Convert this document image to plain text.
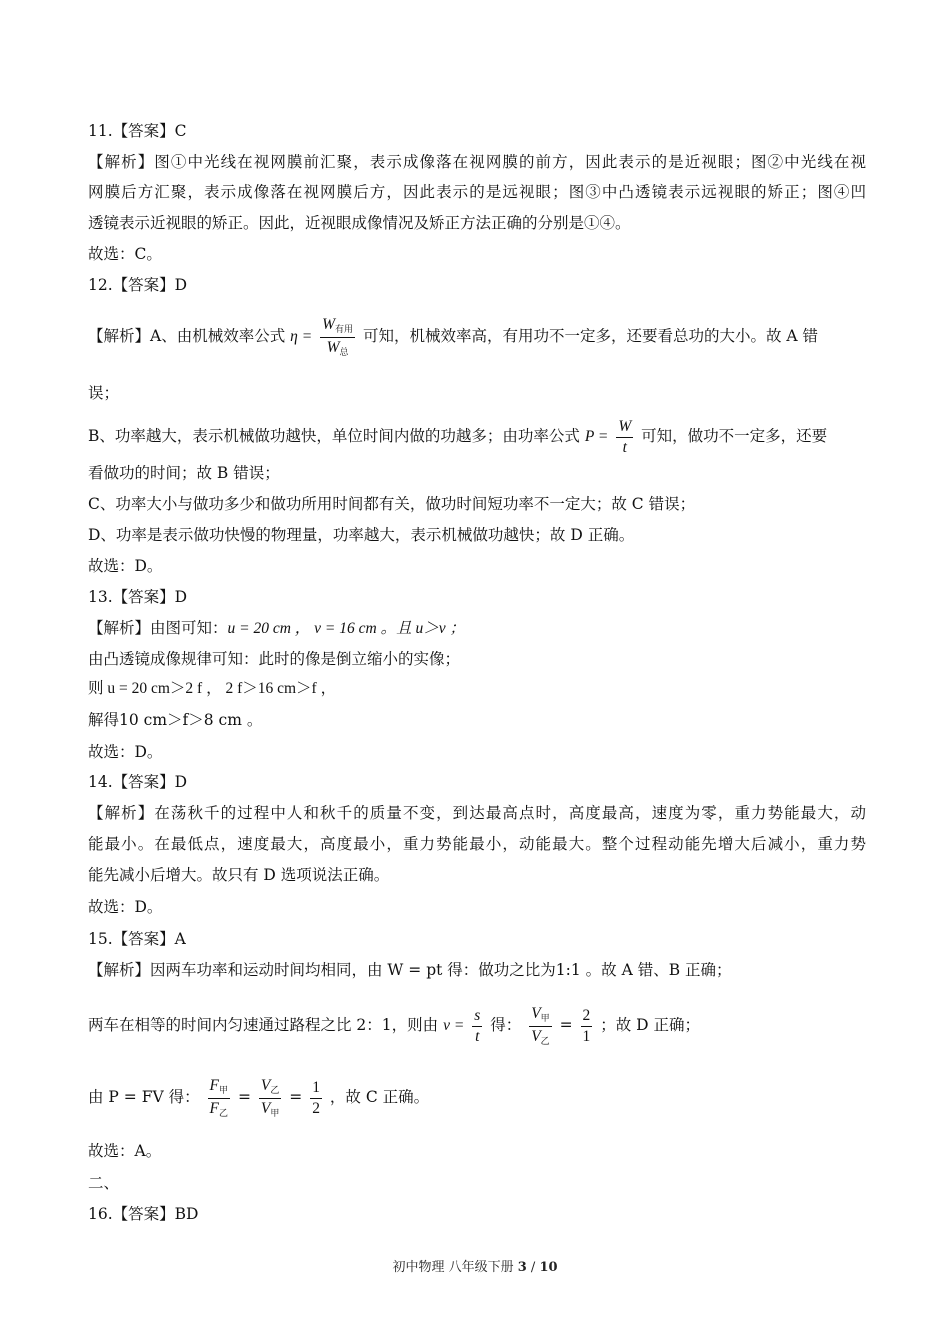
11.【答案】C
【解析】图①中光线在视网膜前汇聚，表示成像落在视网膜的前方，因此表示的是近视眼；图②中光线在视
网膜后方汇聚，表示成像落在视网膜后方，因此表示的是远视眼；图③中凸透镜表示远视眼的矫正；图④凹
透镜表示近视眼的矫正。因此，近视眼成像情况及矫正方法正确的分别是①④。
故选：C。
12.【答案】D
【解析】A、由机械效率公式 $\eta = \frac{W_{有用}}{W_总}$ 可知，机械效率高，有用功不一定多，还要看总功的大小。故 A 错
误；
B、功率越大，表示机械做功越快，单位时间内做的功越多；由功率公式 $P = \frac{W}{t}$ 可知，做功不一定多，还要
看做功的时间；故 B 错误；
C、功率大小与做功多少和做功所用时间都有关，做功时间短功率不一定大；故 C 错误；
D、功率是表示做功快慢的物理量，功率越大，表示机械做功越快；故 D 正确。
故选：D。
13.【答案】D
【解析】由图可知：u = 20 cm ， v = 16 cm 。且 u＞v ；
由凸透镜成像规律可知：此时的像是倒立缩小的实像；
则 u = 20 cm＞2 f ， 2 f＞16 cm＞f ，
解得10 cm＞f＞8 cm 。
故选：D。
14.【答案】D
【解析】在荡秋千的过程中人和秋千的质量不变，到达最高点时，高度最高，速度为零，重力势能最大，动
能最小。在最低点，速度最大，高度最小，重力势能最小，动能最大。整个过程动能先增大后减小，重力势
能先减小后增大。故只有 D 选项说法正确。
故选：D。
15.【答案】A
【解析】因两车功率和运动时间均相同，由 W = pt 得：做功之比为1:1 。故 A 错、B 正确；
两车在相等的时间内匀速通过路程之比 2：1，则由 $v = \frac{s}{t}$ 得： $\frac{V_甲}{V_乙} = \frac{2}{1}$ ；故 D 正确；
由 P = FV 得： $\frac{F_甲}{F_乙} = \frac{V_乙}{V_甲} = \frac{1}{2}$ ，故 C 正确。
故选：A。
二、
16.【答案】BD
初中物理 八年级下册 3 / 10
